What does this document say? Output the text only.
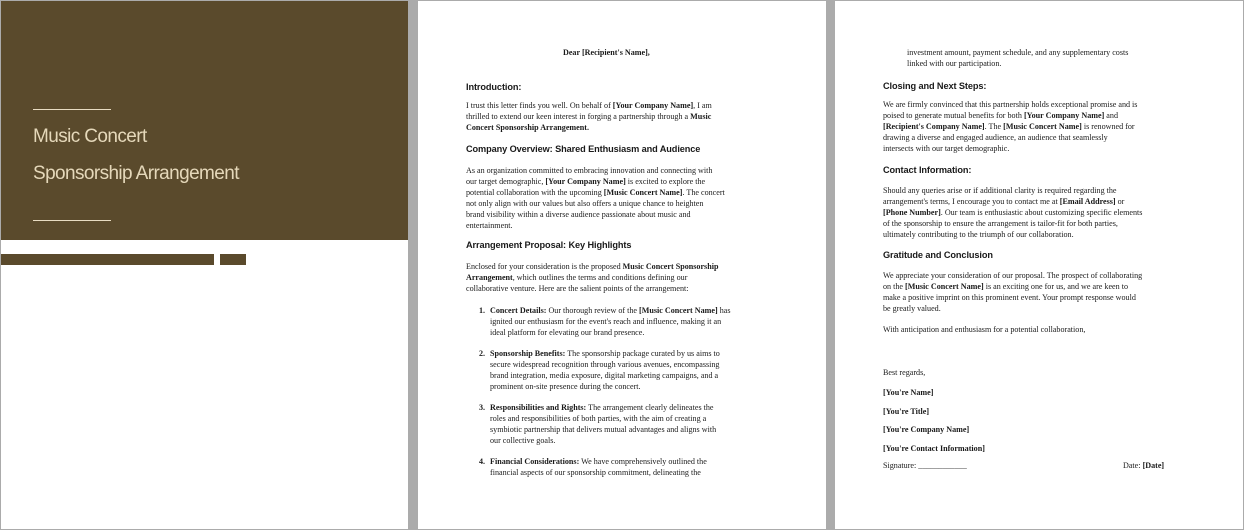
Music Concert
Sponsorship Arrangement
Dear [Recipient's Name],
Introduction:
I trust this letter finds you well. On behalf of [Your Company Name], I am
thrilled to extend our keen interest in forging a partnership through a Music
Concert Sponsorship Arrangement.
Company Overview: Shared Enthusiasm and Audience
As an organization committed to embracing innovation and connecting with
our target demographic, [Your Company Name] is excited to explore the
potential collaboration with the upcoming [Music Concert Name]. The concert
not only align with our values but also offers a unique chance to heighten
brand visibility within a diverse audience passionate about music and
entertainment.
Arrangement Proposal: Key Highlights
Enclosed for your consideration is the proposed Music Concert Sponsorship
Arrangement, which outlines the terms and conditions defining our
collaborative venture. Here are the salient points of the arrangement:
1. Concert Details: Our thorough review of the [Music Concert Name] has
ignited our enthusiasm for the event's reach and influence, making it an
ideal platform for elevating our brand presence.
2. Sponsorship Benefits: The sponsorship package curated by us aims to
secure widespread recognition through various avenues, encompassing
brand integration, media exposure, digital marketing campaigns, and a
prominent on-site presence during the concert.
3. Responsibilities and Rights: The arrangement clearly delineates the
roles and responsibilities of both parties, with the aim of creating a
symbiotic partnership that delivers mutual advantages and aligns with
our collective goals.
4. Financial Considerations: We have comprehensively outlined the
financial aspects of our sponsorship commitment, delineating the
investment amount, payment schedule, and any supplementary costs
linked with our participation.
Closing and Next Steps:
We are firmly convinced that this partnership holds exceptional promise and is
poised to generate mutual benefits for both [Your Company Name] and
[Recipient's Company Name]. The [Music Concert Name] is renowned for
drawing a diverse and engaged audience, an audience that seamlessly
intersects with our target demographic.
Contact Information:
Should any queries arise or if additional clarity is required regarding the
arrangement's terms, I encourage you to contact me at [Email Address] or
[Phone Number]. Our team is enthusiastic about customizing specific elements
of the sponsorship to ensure the arrangement is tailor-fit for both parties,
ultimately contributing to the triumph of our collaboration.
Gratitude and Conclusion
We appreciate your consideration of our proposal. The prospect of collaborating
on the [Music Concert Name] is an exciting one for us, and we are keen to
make a positive imprint on this prominent event. Your prompt response would
be greatly valued.
With anticipation and enthusiasm for a potential collaboration,
Best regards,
[You're Name]
[You're Title]
[You're Company Name]
[You're Contact Information]
Signature: ____________	Date: [Date]
